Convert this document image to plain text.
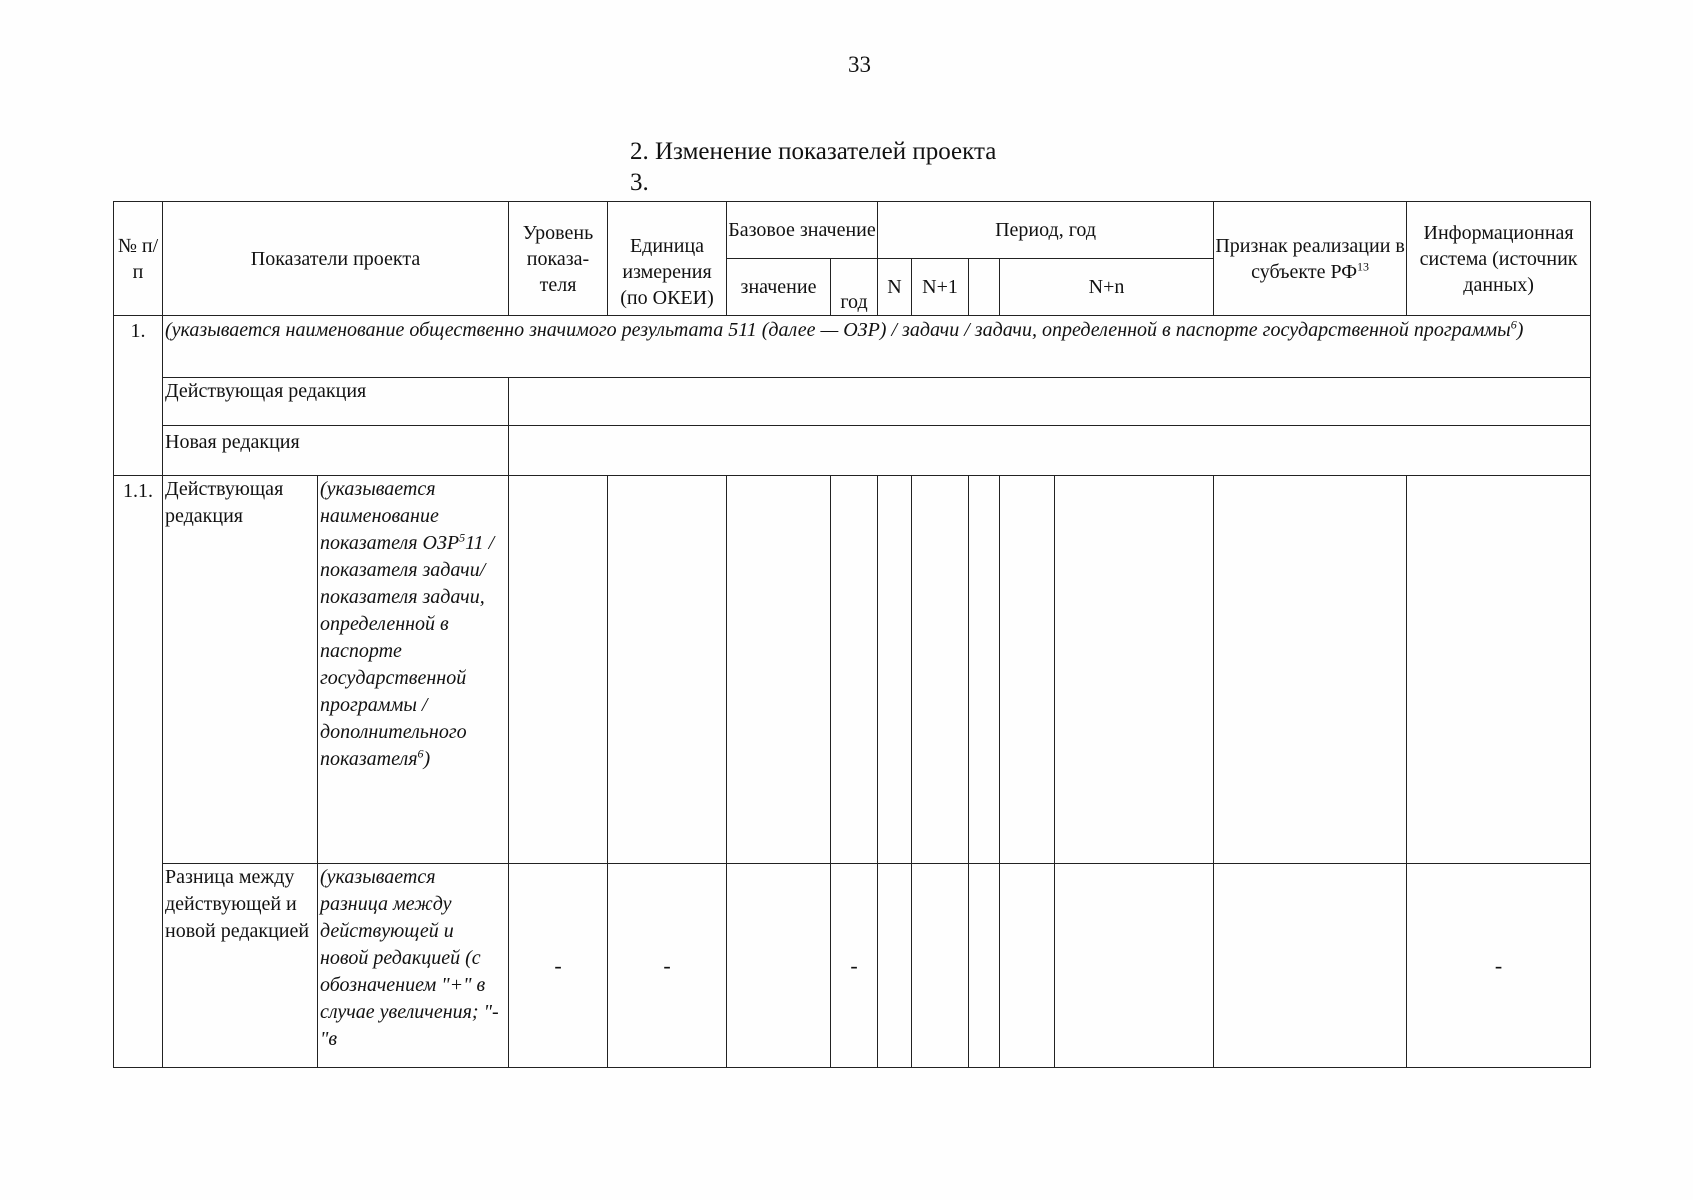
33
2. Изменение показателей проекта
3.
№ п/п	Показатели проекта		Уровень показа-теля	Единица измерения (по ОКЕИ)	Базовое значение		Период, год					Признак реализации в субъекте РФ$^{13}$	Информационная система (источник данных)	
					значение	год	N	N+1		N+n				
1.	(указывается наименование общественно значимого результата 511 (далее — ОЗР) / задачи / задачи, определенной в паспорте государственной программы$^6$)													
	Действующая редакция													
	Новая редакция													
1.1.	Действующая редакция	(указывается наименование показателя ОЗР$^5$11 / показателя задачи/ показателя задачи, определенной в паспорте государственной программы / дополнительного показателя$^6$)												
	Разница между действующей и новой редакцией	(указывается разница между действующей и новой редакцией (с обозначением "+" в случае увеличения; "-"в	-	-		-							-	
